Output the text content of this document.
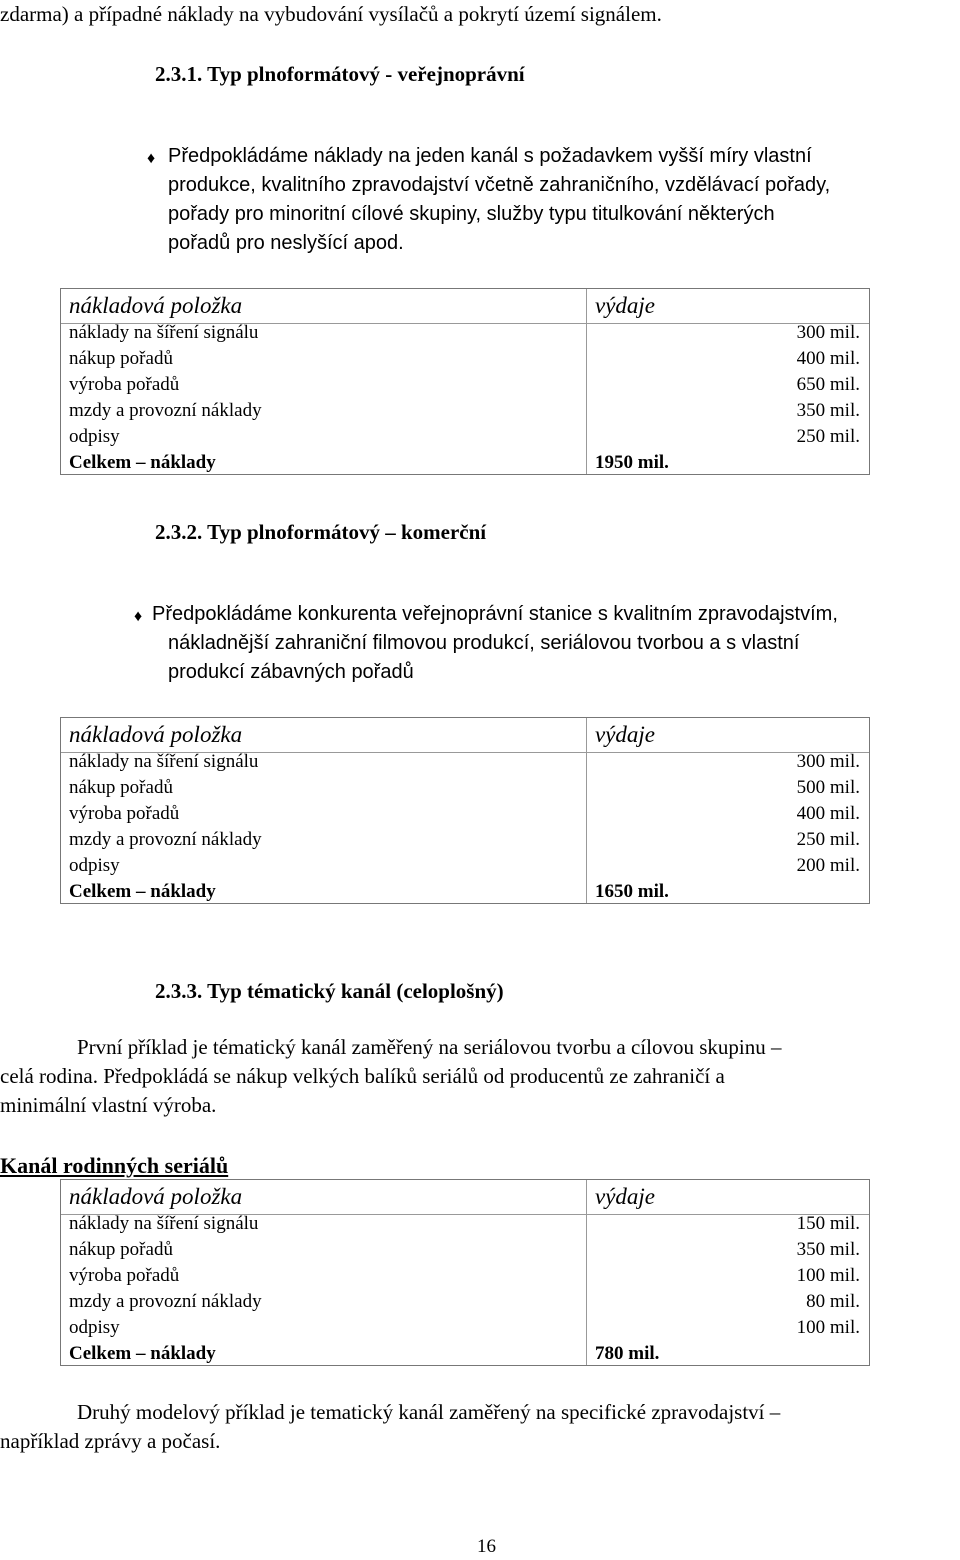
zdarma) a případné náklady na vybudování vysílačů a pokrytí území signálem.
2.3.1. Typ plnoformátový - veřejnoprávní
♦ Předpokládáme náklady na jeden kanál s požadavkem vyšší míry vlastní
produkce, kvalitního zpravodajství včetně zahraničního, vzdělávací pořady,
pořady pro minoritní cílové skupiny, služby typu titulkování některých
pořadů pro neslyšící apod.
nákladová položka	výdaje
náklady na šíření signálu	300 mil.
nákup pořadů	400 mil.
výroba pořadů	650 mil.
mzdy a provozní náklady	350 mil.
odpisy	250 mil.
Celkem – náklady	1950 mil.
2.3.2. Typ plnoformátový – komerční
♦ Předpokládáme konkurenta veřejnoprávní stanice s kvalitním zpravodajstvím,
nákladnější zahraniční filmovou produkcí, seriálovou tvorbou a s vlastní
produkcí zábavných pořadů
nákladová položka	výdaje
náklady na šíření signálu	300 mil.
nákup pořadů	500 mil.
výroba pořadů	400 mil.
mzdy a provozní náklady	250 mil.
odpisy	200 mil.
Celkem – náklady	1650 mil.
2.3.3. Typ tématický kanál (celoplošný)
První příklad je tématický kanál zaměřený na seriálovou tvorbu a cílovou skupinu –
celá rodina. Předpokládá se nákup velkých balíků seriálů od producentů ze zahraničí a
minimální vlastní výroba.
Kanál rodinných seriálů
nákladová položka	výdaje
náklady na šíření signálu	150 mil.
nákup pořadů	350 mil.
výroba pořadů	100 mil.
mzdy a provozní náklady	80 mil.
odpisy	100 mil.
Celkem – náklady	780 mil.
Druhý modelový příklad je tematický kanál zaměřený na specifické zpravodajství –
například zprávy a počasí.
16
